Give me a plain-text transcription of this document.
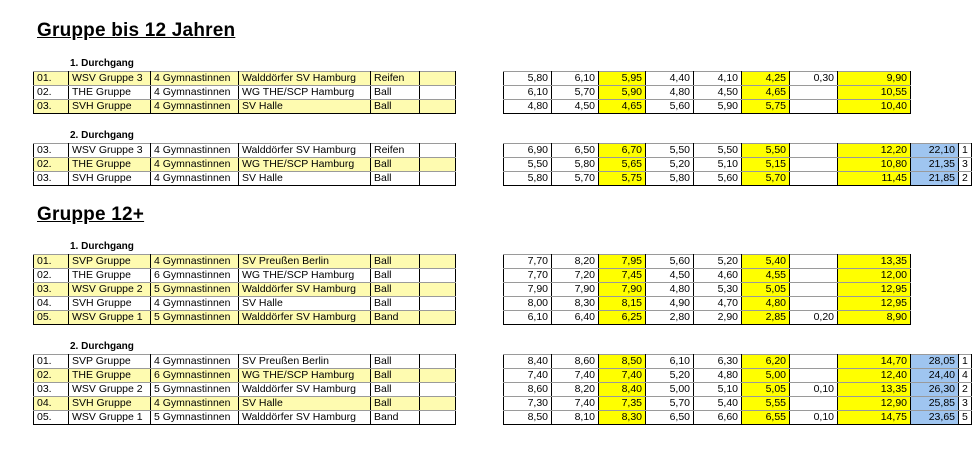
Gruppe bis 12 Jahren
1. Durchgang
01.	WSV Gruppe 3	4 Gymnastinnen	Walddörfer SV Hamburg	Reifen			5,80	6,10	5,95	4,40	4,10	4,25	0,30	9,90		
02.	THE Gruppe	4 Gymnastinnen	WG THE/SCP Hamburg	Ball			6,10	5,70	5,90	4,80	4,50	4,65		10,55		
03.	SVH Gruppe	4 Gymnastinnen	SV Halle	Ball			4,80	4,50	4,65	5,60	5,90	5,75		10,40		
2. Durchgang
03.	WSV Gruppe 3	4 Gymnastinnen	Walddörfer SV Hamburg	Reifen			6,90	6,50	6,70	5,50	5,50	5,50		12,20	22,10	1
02.	THE Gruppe	4 Gymnastinnen	WG THE/SCP Hamburg	Ball			5,50	5,80	5,65	5,20	5,10	5,15		10,80	21,35	3
03.	SVH Gruppe	4 Gymnastinnen	SV Halle	Ball			5,80	5,70	5,75	5,80	5,60	5,70		11,45	21,85	2
Gruppe 12+
1. Durchgang
01.	SVP Gruppe	4 Gymnastinnen	SV Preußen Berlin	Ball			7,70	8,20	7,95	5,60	5,20	5,40		13,35		
02.	THE Gruppe	6 Gymnastinnen	WG THE/SCP Hamburg	Ball			7,70	7,20	7,45	4,50	4,60	4,55		12,00		
03.	WSV Gruppe 2	5 Gymnastinnen	Walddörfer SV Hamburg	Ball			7,90	7,90	7,90	4,80	5,30	5,05		12,95		
04.	SVH Gruppe	4 Gymnastinnen	SV Halle	Ball			8,00	8,30	8,15	4,90	4,70	4,80		12,95		
05.	WSV Gruppe 1	5 Gymnastinnen	Walddörfer SV Hamburg	Band			6,10	6,40	6,25	2,80	2,90	2,85	0,20	8,90		
2. Durchgang
01.	SVP Gruppe	4 Gymnastinnen	SV Preußen Berlin	Ball			8,40	8,60	8,50	6,10	6,30	6,20		14,70	28,05	1
02.	THE Gruppe	6 Gymnastinnen	WG THE/SCP Hamburg	Ball			7,40	7,40	7,40	5,20	4,80	5,00		12,40	24,40	4
03.	WSV Gruppe 2	5 Gymnastinnen	Walddörfer SV Hamburg	Ball			8,60	8,20	8,40	5,00	5,10	5,05	0,10	13,35	26,30	2
04.	SVH Gruppe	4 Gymnastinnen	SV Halle	Ball			7,30	7,40	7,35	5,70	5,40	5,55		12,90	25,85	3
05.	WSV Gruppe 1	5 Gymnastinnen	Walddörfer SV Hamburg	Band			8,50	8,10	8,30	6,50	6,60	6,55	0,10	14,75	23,65	5
